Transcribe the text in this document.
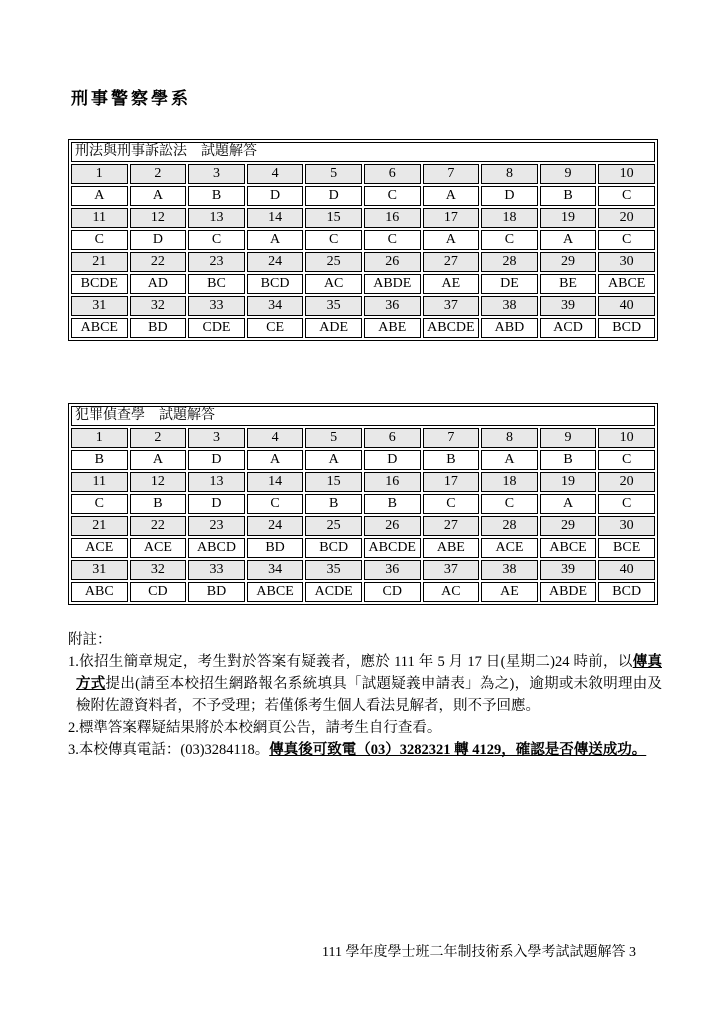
刑事警察學系
刑法與刑事訴訟法　試題解答									
1	2	3	4	5	6	7	8	9	10
A	A	B	D	D	C	A	D	B	C
11	12	13	14	15	16	17	18	19	20
C	D	C	A	C	C	A	C	A	C
21	22	23	24	25	26	27	28	29	30
BCDE	AD	BC	BCD	AC	ABDE	AE	DE	BE	ABCE
31	32	33	34	35	36	37	38	39	40
ABCE	BD	CDE	CE	ADE	ABE	ABCDE	ABD	ACD	BCD
犯罪偵查學　試題解答									
1	2	3	4	5	6	7	8	9	10
B	A	D	A	A	D	B	A	B	C
11	12	13	14	15	16	17	18	19	20
C	B	D	C	B	B	C	C	A	C
21	22	23	24	25	26	27	28	29	30
ACE	ACE	ABCD	BD	BCD	ABCDE	ABE	ACE	ABCE	BCE
31	32	33	34	35	36	37	38	39	40
ABC	CD	BD	ABCE	ACDE	CD	AC	AE	ABDE	BCD
附註：
1.依招生簡章規定，考生對於答案有疑義者，應於 111 年 5 月 17 日(星期二)24 時前，以傳真方式提出(請至本校招生網路報名系統填具「試題疑義申請表」為之)，逾期或未敘明理由及檢附佐證資料者，不予受理；若僅係考生個人看法見解者，則不予回應。
2.標準答案釋疑結果將於本校網頁公告，請考生自行查看。
3.本校傳真電話：(03)3284118。傳真後可致電（03）3282321 轉 4129，確認是否傳送成功。
111 學年度學士班二年制技術系入學考試試題解答 3
